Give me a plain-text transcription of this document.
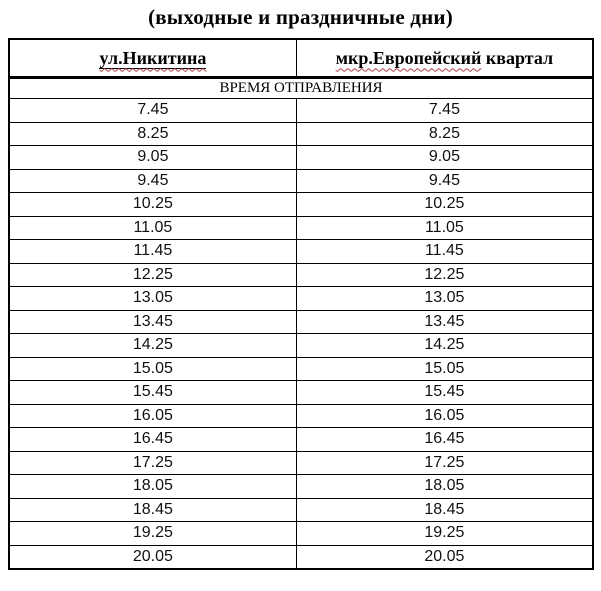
(выходные и праздничные дни)
ул.Никитина	мкр.Европейский квартал
ВРЕМЯ ОТПРАВЛЕНИЯ	
7.45	7.45
8.25	8.25
9.05	9.05
9.45	9.45
10.25	10.25
11.05	11.05
11.45	11.45
12.25	12.25
13.05	13.05
13.45	13.45
14.25	14.25
15.05	15.05
15.45	15.45
16.05	16.05
16.45	16.45
17.25	17.25
18.05	18.05
18.45	18.45
19.25	19.25
20.05	20.05
